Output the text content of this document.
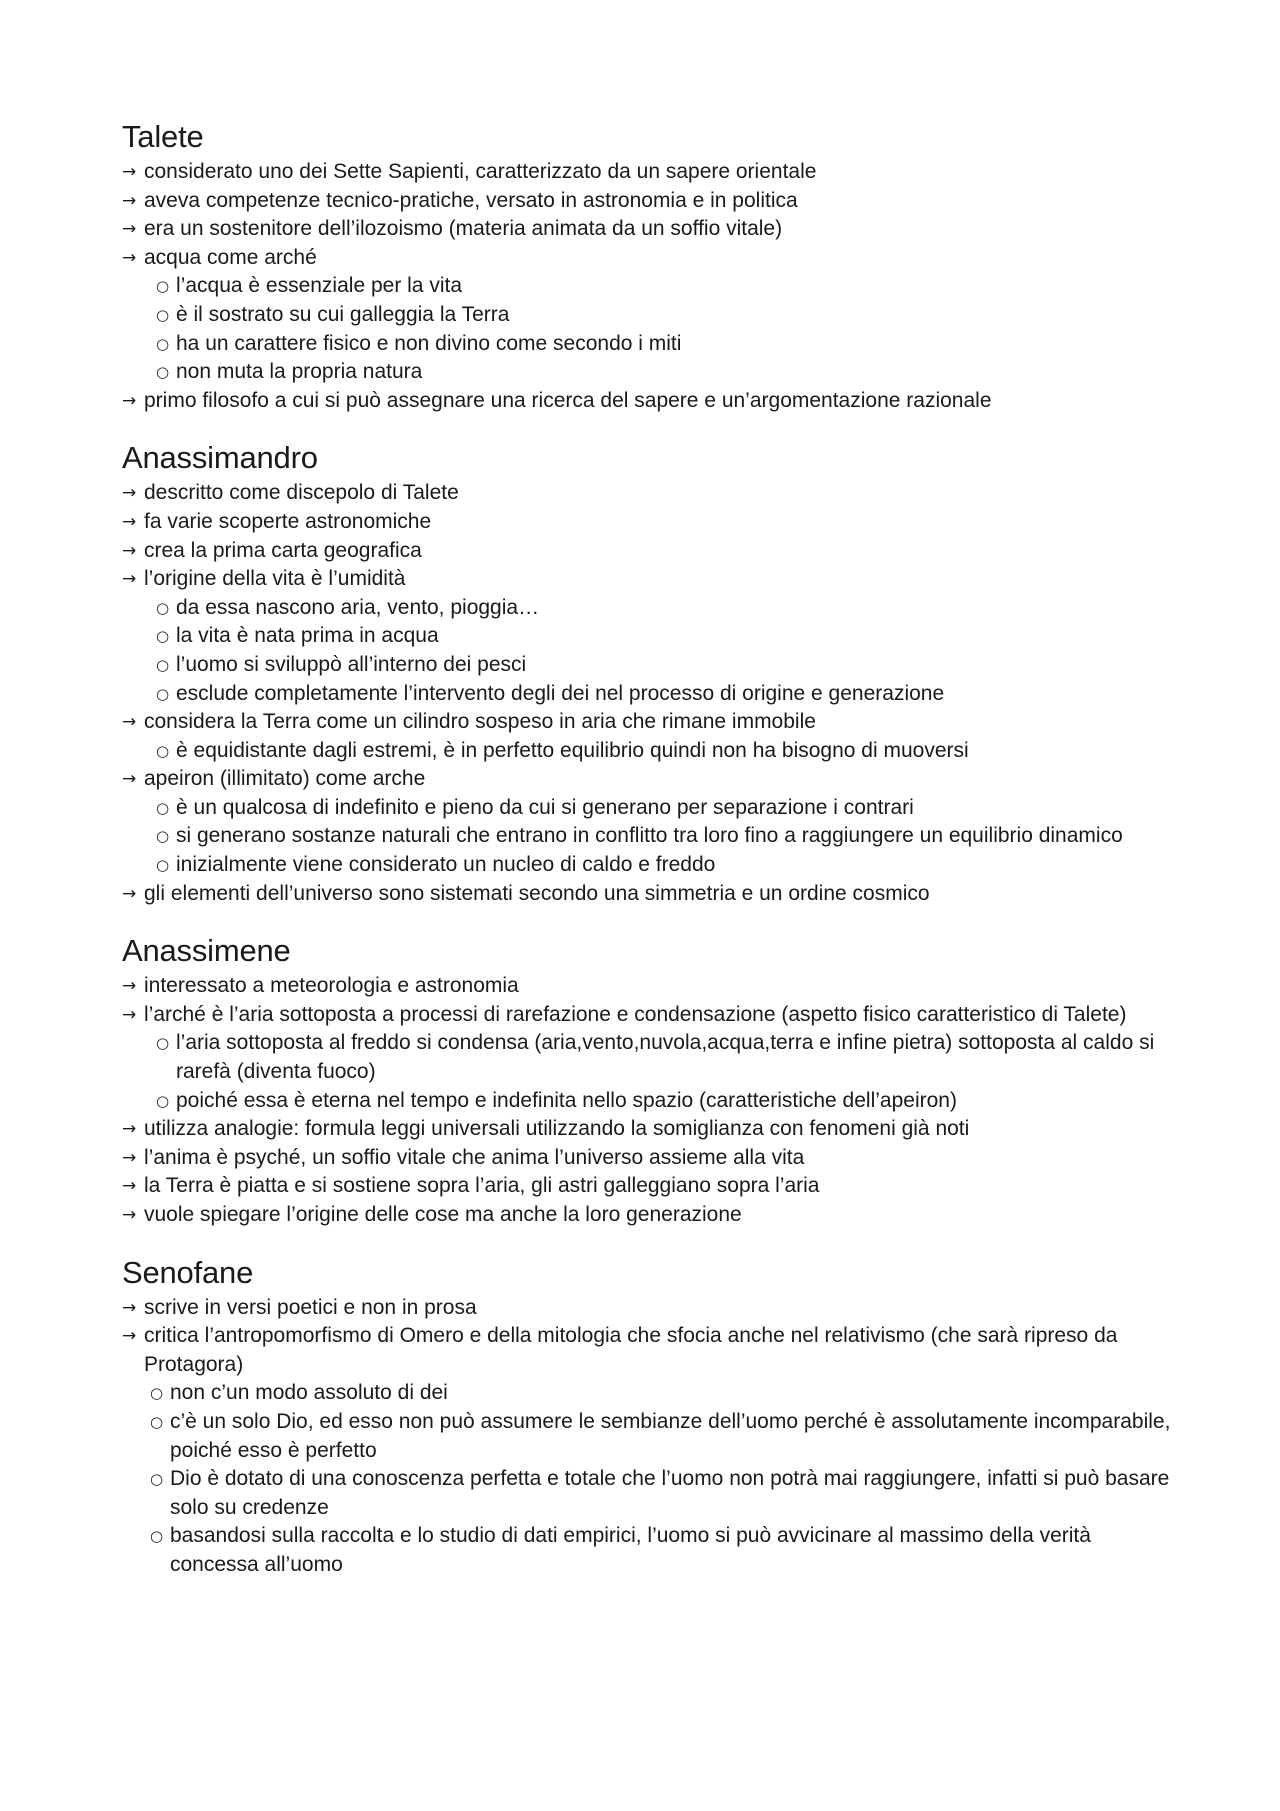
Talete
→ considerato uno dei Sette Sapienti, caratterizzato da un sapere orientale
→ aveva competenze tecnico-pratiche, versato in astronomia e in politica
→ era un sostenitore dell’ilozoismo (materia animata da un soffio vitale)
→ acqua come arché
○ l’acqua è essenziale per la vita
○ è il sostrato su cui galleggia la Terra
○ ha un carattere fisico e non divino come secondo i miti
○ non muta la propria natura
→ primo filosofo a cui si può assegnare una ricerca del sapere e un’argomentazione razionale
Anassimandro
→ descritto come discepolo di Talete
→ fa varie scoperte astronomiche
→ crea la prima carta geografica
→ l’origine della vita è l’umidità
○ da essa nascono aria, vento, pioggia…
○ la vita è nata prima in acqua
○ l’uomo si sviluppò all’interno dei pesci
○ esclude completamente l’intervento degli dei nel processo di origine e generazione
→ considera la Terra come un cilindro sospeso in aria che rimane immobile
○ è equidistante dagli estremi, è in perfetto equilibrio quindi non ha bisogno di muoversi
→ apeiron (illimitato) come arche
○ è un qualcosa di indefinito e pieno da cui si generano per separazione i contrari
○ si generano sostanze naturali che entrano in conflitto tra loro fino a raggiungere un equilibrio dinamico
○ inizialmente viene considerato un nucleo di caldo e freddo
→ gli elementi dell’universo sono sistemati secondo una simmetria e un ordine cosmico
Anassimene
→ interessato a meteorologia e astronomia
→ l’arché è l’aria sottoposta a processi di rarefazione e condensazione (aspetto fisico caratteristico di Talete)
○ l’aria sottoposta al freddo si condensa (aria,vento,nuvola,acqua,terra e infine pietra) sottoposta al caldo si rarefà (diventa fuoco)
○ poiché essa è eterna nel tempo e indefinita nello spazio (caratteristiche dell’apeiron)
→ utilizza analogie: formula leggi universali utilizzando la somiglianza con fenomeni già noti
→ l’anima è psyché, un soffio vitale che anima l’universo assieme alla vita
→ la Terra è piatta e si sostiene sopra l’aria, gli astri galleggiano sopra l’aria
→ vuole spiegare l’origine delle cose ma anche la loro generazione
Senofane
→ scrive in versi poetici e non in prosa
→ critica l’antropomorfismo di Omero e della mitologia che sfocia anche nel relativismo (che sarà ripreso da Protagora)
○ non c’un modo assoluto di dei
○ c’è un solo Dio, ed esso non può assumere le sembianze dell’uomo perché è assolutamente incomparabile, poiché esso è perfetto
○ Dio è dotato di una conoscenza perfetta e totale che l’uomo non potrà mai raggiungere, infatti si può basare solo su credenze
○ basandosi sulla raccolta e lo studio di dati empirici, l’uomo si può avvicinare al massimo della verità concessa all’uomo
